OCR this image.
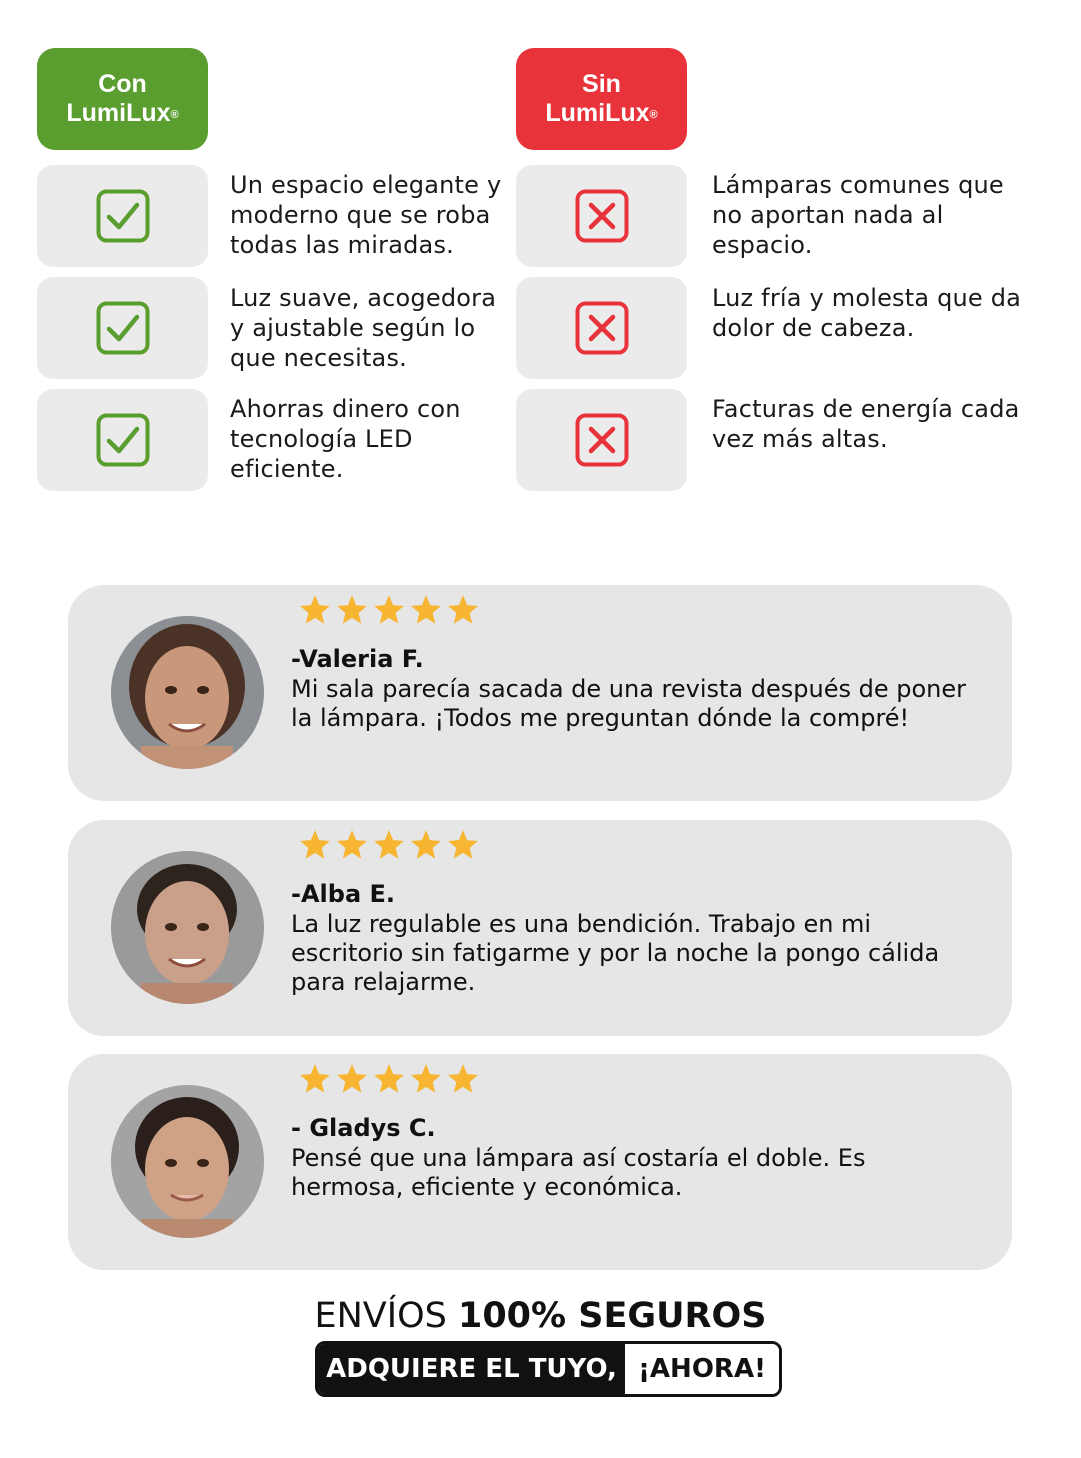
Con
LumiLux®
Sin
LumiLux®
Un espacio elegante y moderno que se roba todas las miradas.
Luz suave, acogedora y ajustable según lo que necesitas.
Ahorras dinero con tecnología LED eficiente.
Lámparas comunes que no aportan nada al espacio.
Luz fría y molesta que da dolor de cabeza.
Facturas de energía cada vez más altas.
-Valeria F.
Mi sala parecía sacada de una revista después de poner la lámpara. ¡Todos me preguntan dónde la compré!
-Alba E.
La luz regulable es una bendición. Trabajo en mi escritorio sin fatigarme y por la noche la pongo cálida para relajarme.
- Gladys C.
Pensé que una lámpara así costaría el doble. Es hermosa, eficiente y económica.
ENVÍOS 100% SEGUROS
ADQUIERE EL TUYO, ¡AHORA!
